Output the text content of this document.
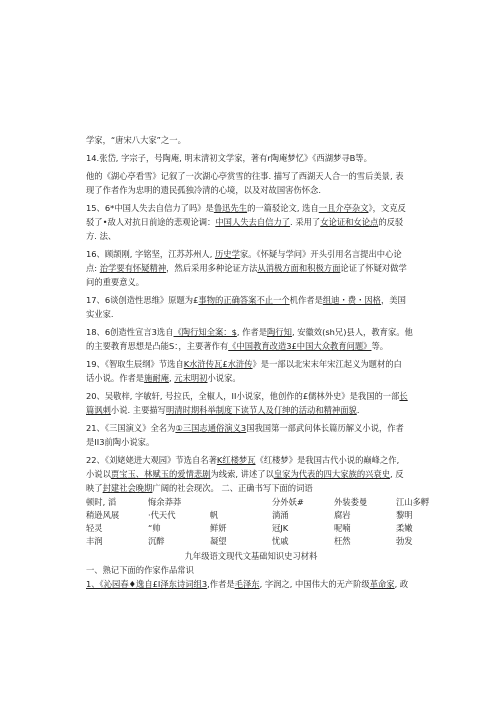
学家，“唐宋八大家”之一。

14.张岱, 字宗子，号陶庵, 明末清初文学家，著有r陶庵梦忆》《西湖梦寻B等。

他的《湖心亭看雪》记叙了一次湖心亭赏雪的往事. 描写了西湖天人合一的雪后美景, 表

现了作者作为忠明的遗民孤独冷清的心境，以及对故国害伤怀念.

15、6*中国人失去自信力了吗》是鲁迅先生的一篇驳论文, 选自一且介亭杂文》，文克反

驳了•敌人对抗日前途的悲观论调：中国人失去自信力了. 采用了女论证和女论点的反驳

方. 法、

16、顾颉刚, 字铭坚，江苏苏州人, 历史学家。《怀疑与学问》开头引用名言提出中心论

点: 治学要有怀疑精神，然后采用多种论证方法从消极方面和积极方面论证了怀疑对做学

问的重要意义。

17、6谈创造性思维》原题为£事物的正确答案不止一个机作者是组迪・费・因格，美国

实业家.

18、6创造性宣言3选自《陶行知全案：$, 作者是陶行知, 安徽效(sh兄)县人，教育家。他

的主要教育思想是凸能S：，主要著作有《中国教育改造3£中国大众教育问题》等。

19、《智取生辰纲》节选自K水浒传瓦£水浒传》是一部以北宋末年宋江起义为题材的白

话小说。作者是施耐庵, 元末明初小说家。

20、吴敬梓, 字敏轩, 号拉氏，全椒人，II小说家，他创作的£儒林外史》是我国的一部长

篇讽刺小说. 主要描写明清时期科举制度下读节人及仃绅的活动和精神面貌.

21、《三国演义》全名为①三国志通俗演义3国我国第一部武问体长篇历解义小说，作者

是II3前陶小说家。

22、《刘姥姥进大观园》节选自名著K红楼梦瓦《红楼梦》是我国古代小说的巅峰之作,

小说以贾宝玉、林赋玉的爱情悲剧为线索, 讲述了以皇家为代表的四大家族的兴衰史, 反

映了封建社会晚期广阔的社会现次。 二、正确书写下面的词语

顿时, 滔	悔余莽莽	分外妖#	外装娄曼	江山多孵
稍逊风展	·代天代	帆	淌涌	腐岩	黎明
轻灵	“帅	鲜妍	冠JK	呢喃	柔嫩
丰润	沉醉	凝望	忧戚	枉然	勃发

九年级语文现代文基础知识史习材料

一、熟记下面的作家作品常识

1、《沁园春♦逸自£I泽东诗词组3,作者是毛泽东, 字润之, 中国伟大的无产阶级革命家, 政
